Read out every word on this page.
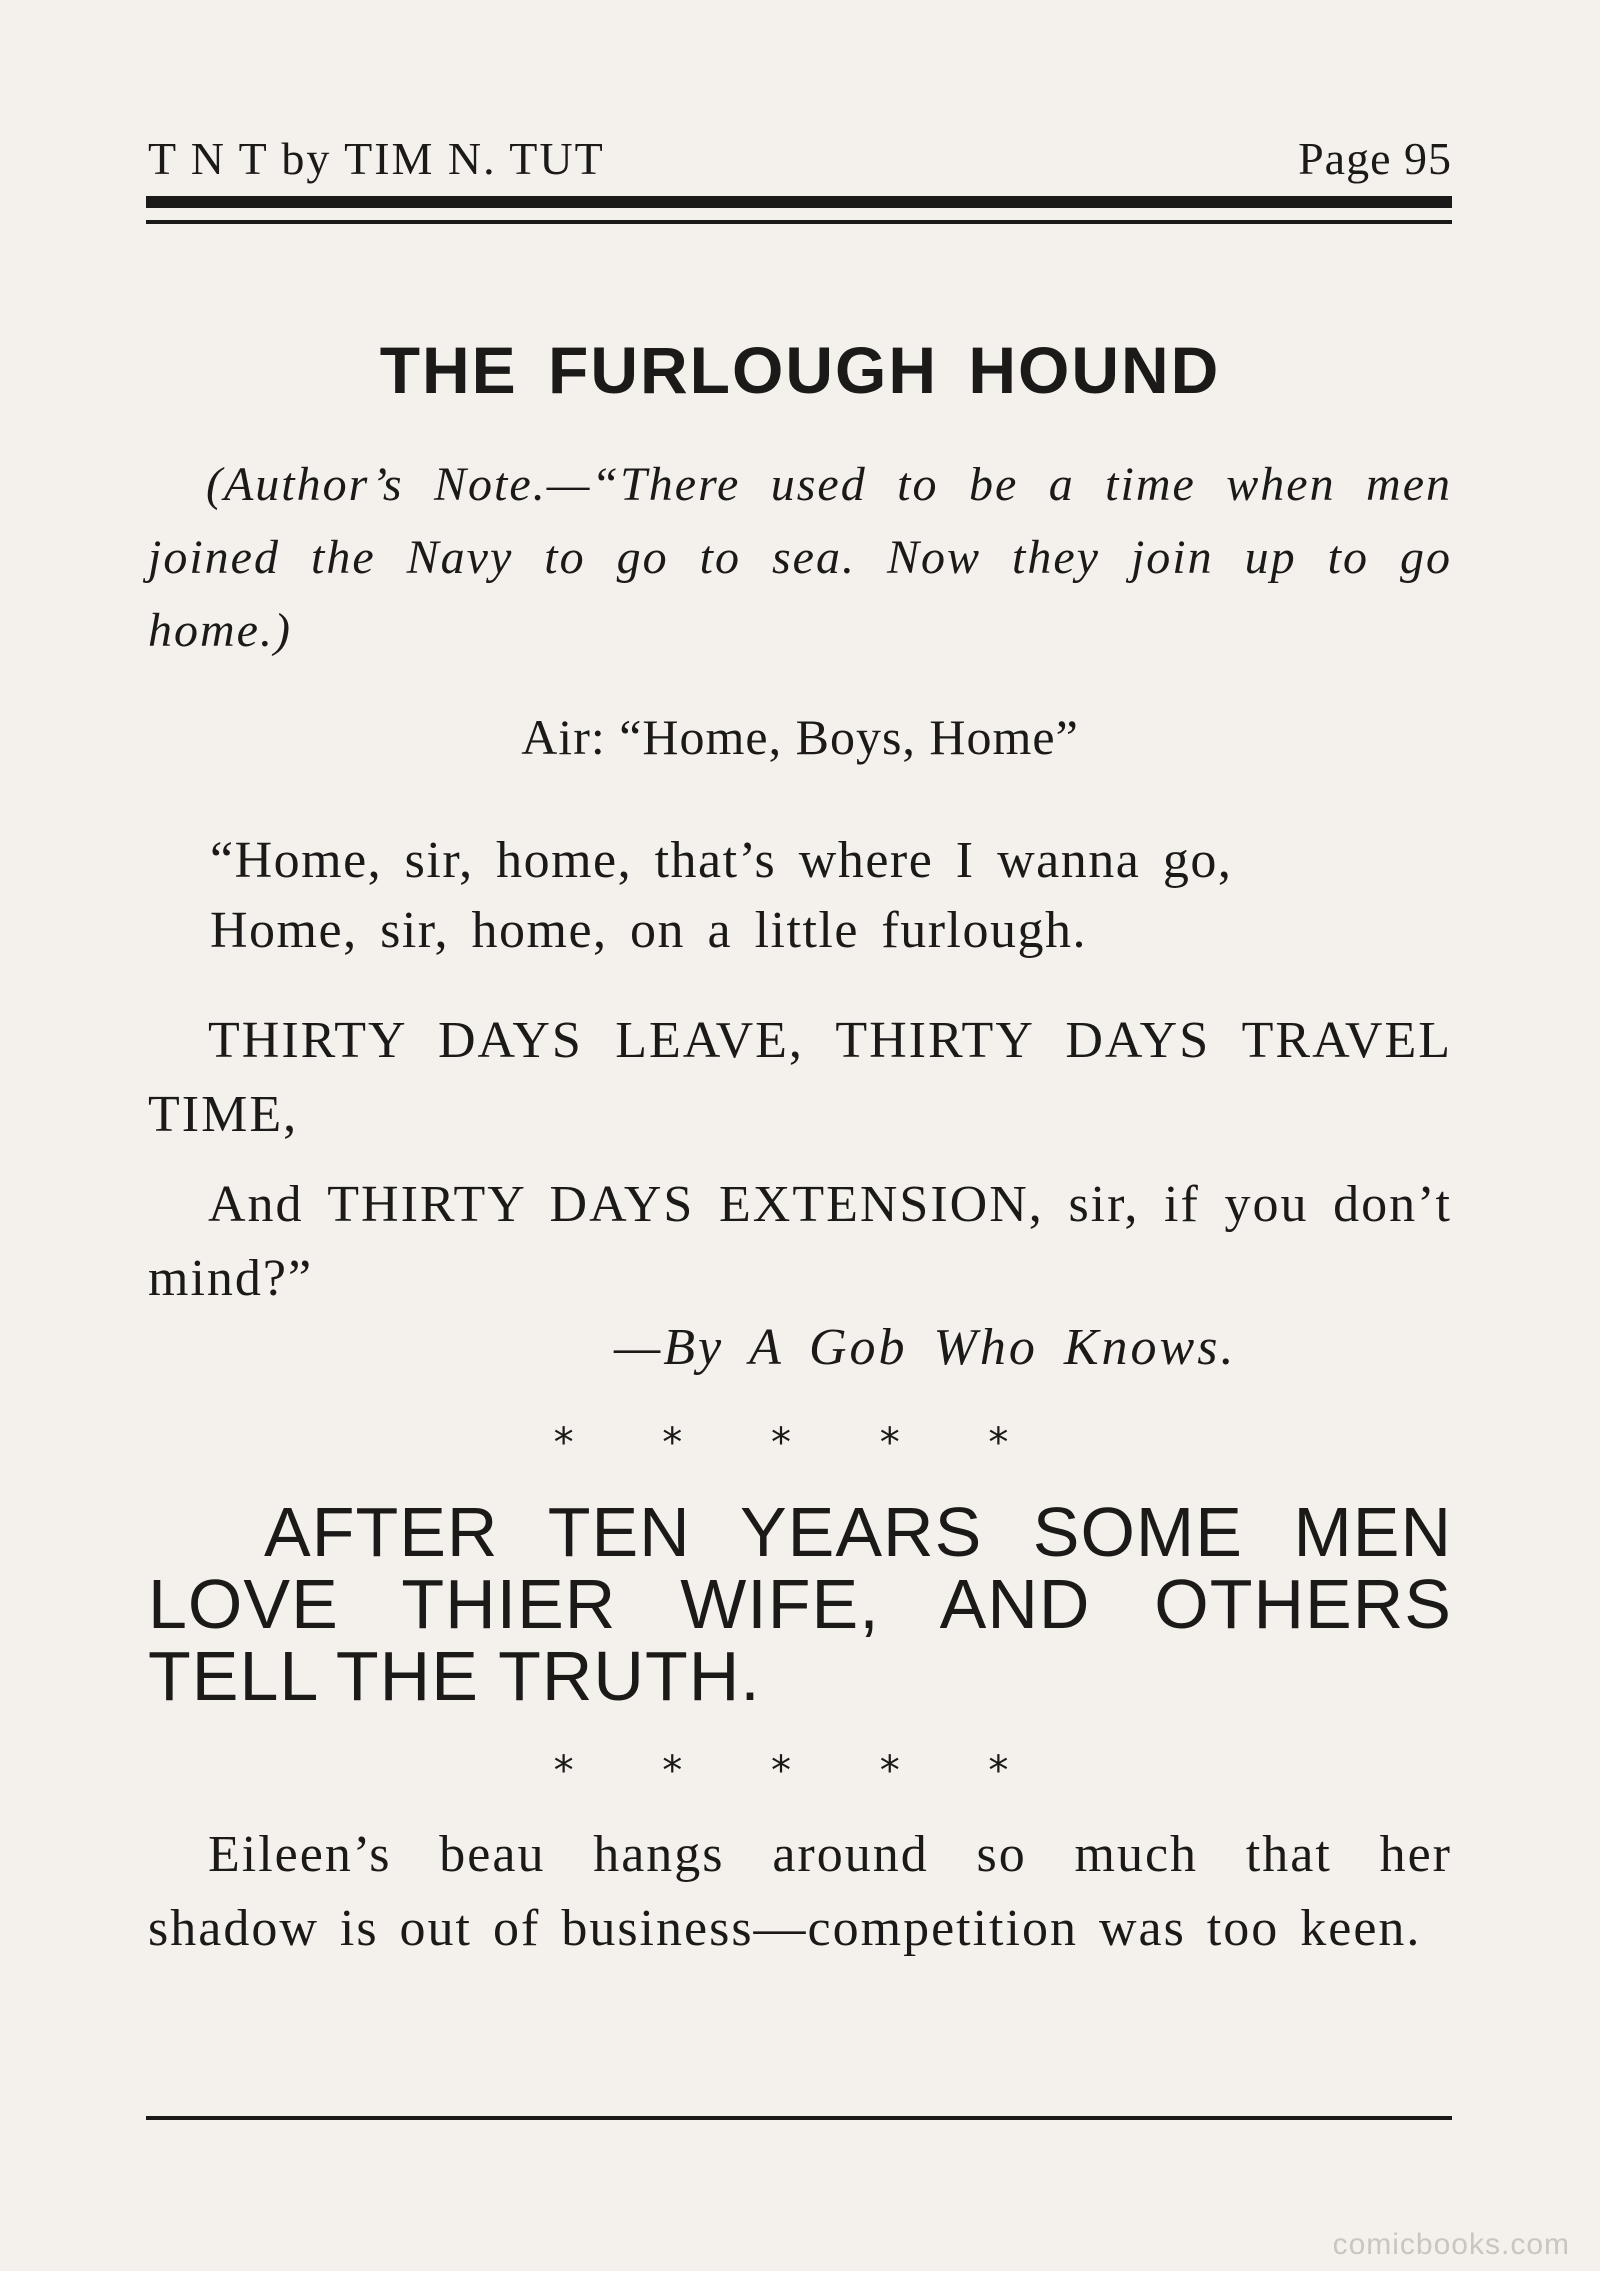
T N T by TIM N. TUT	Page 95
THE FURLOUGH HOUND

(Author’s Note.—“There used to be a time when men joined the Navy to go to sea. Now they join up to go home.)

Air: “Home, Boys, Home”
“Home, sir, home, that’s where I wanna go,
Home, sir, home, on a little furlough.

THIRTY DAYS LEAVE, THIRTY DAYS TRAVEL TIME,

And THIRTY DAYS EXTENSION, sir, if you don’t mind?”

—By A Gob Who Knows.
* * * * *

AFTER TEN YEARS SOME MEN LOVE THIER WIFE, AND OTHERS TELL THE TRUTH.

* * * * *

Eileen’s beau hangs around so much that her shadow is out of business—competition was too keen.

comicbooks.com
